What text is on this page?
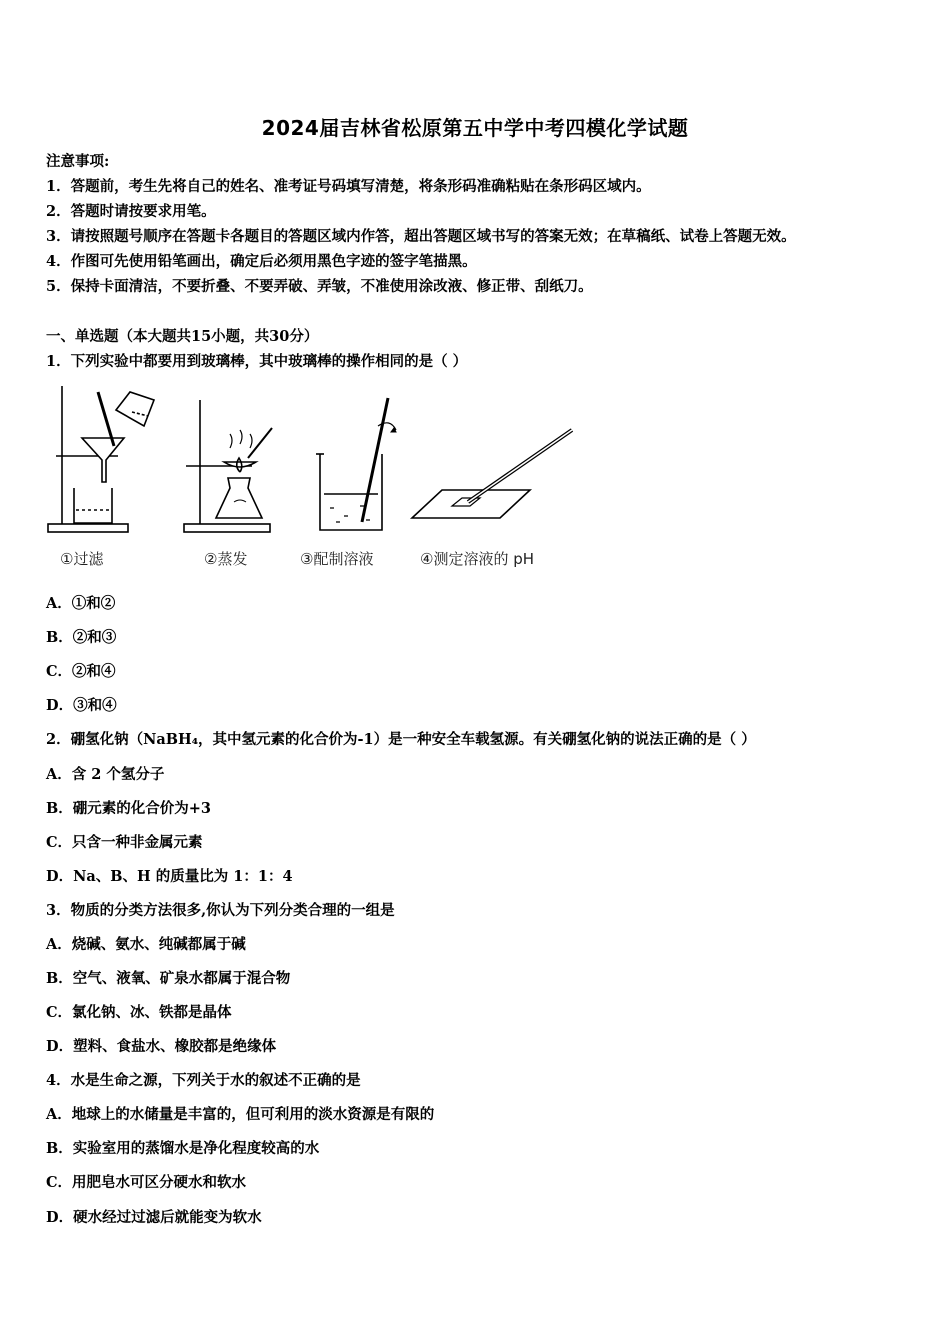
2024届吉林省松原第五中学中考四模化学试题
注意事项:
1．答题前，考生先将自己的姓名、准考证号码填写清楚，将条形码准确粘贴在条形码区域内。
2．答题时请按要求用笔。
3．请按照题号顺序在答题卡各题目的答题区域内作答，超出答题区域书写的答案无效；在草稿纸、试卷上答题无效。
4．作图可先使用铅笔画出，确定后必须用黑色字迹的签字笔描黑。
5．保持卡面清洁，不要折叠、不要弄破、弄皱，不准使用涂改液、修正带、刮纸刀。
一、单选题（本大题共15小题，共30分）
1．下列实验中都要用到玻璃棒，其中玻璃棒的操作相同的是（ ）
①过滤	②蒸发	③配制溶液	④测定溶液的 pH
A．①和②
B．②和③
C．②和④
D．③和④
2．硼氢化钠（NaBH₄，其中氢元素的化合价为-1）是一种安全车载氢源。有关硼氢化钠的说法正确的是（ ）
A．含 2 个氢分子
B．硼元素的化合价为+3
C．只含一种非金属元素
D．Na、B、H 的质量比为 1：1：4
3．物质的分类方法很多,你认为下列分类合理的一组是
A．烧碱、氨水、纯碱都属于碱
B．空气、液氧、矿泉水都属于混合物
C．氯化钠、冰、铁都是晶体
D．塑料、食盐水、橡胶都是绝缘体
4．水是生命之源，下列关于水的叙述不正确的是
A．地球上的水储量是丰富的，但可利用的淡水资源是有限的
B．实验室用的蒸馏水是净化程度较高的水
C．用肥皂水可区分硬水和软水
D．硬水经过过滤后就能变为软水
